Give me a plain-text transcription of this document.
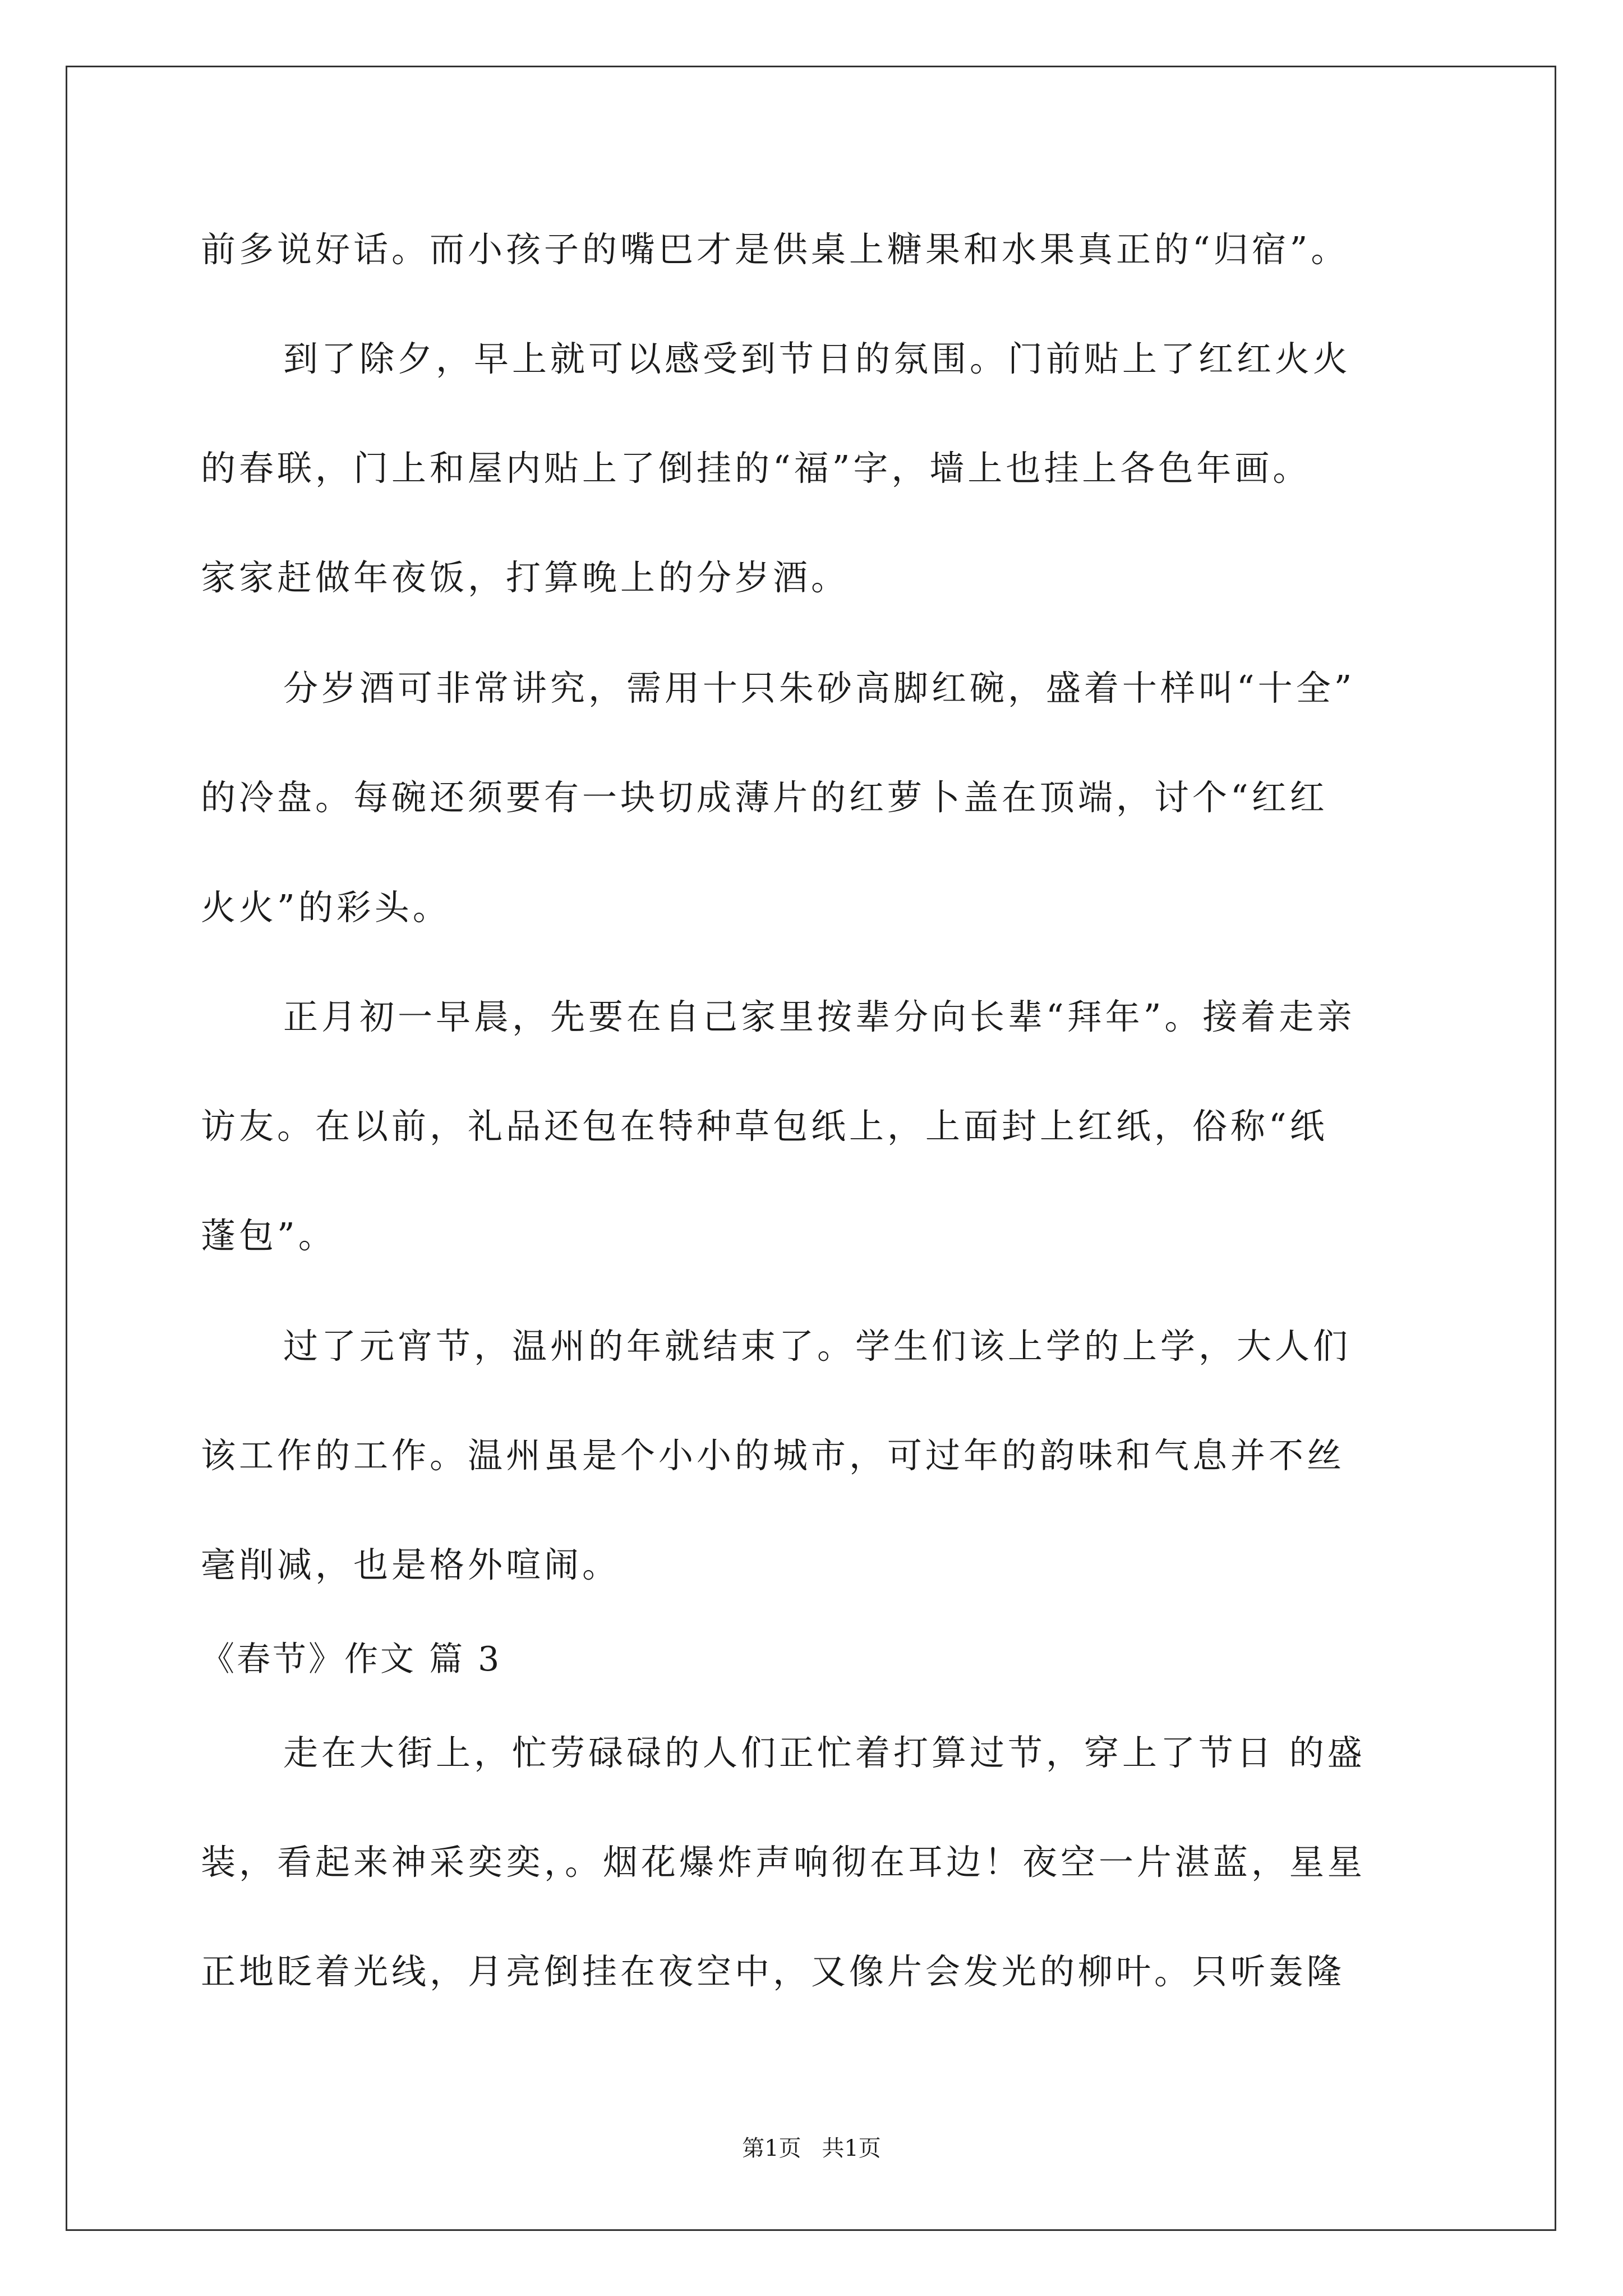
前多说好话。而小孩子的嘴巴才是供桌上糖果和水果真正的“归宿”。
到了除夕，早上就可以感受到节日的氛围。门前贴上了红红火火
的春联，门上和屋内贴上了倒挂的“福”字，墙上也挂上各色年画。
家家赶做年夜饭，打算晚上的分岁酒。
分岁酒可非常讲究，需用十只朱砂高脚红碗，盛着十样叫“十全”
的冷盘。每碗还须要有一块切成薄片的红萝卜盖在顶端，讨个“红红
火火”的彩头。
正月初一早晨，先要在自己家里按辈分向长辈“拜年”。接着走亲
访友。在以前，礼品还包在特种草包纸上，上面封上红纸，俗称“纸
蓬包”。
过了元宵节，温州的年就结束了。学生们该上学的上学，大人们
该工作的工作。温州虽是个小小的城市，可过年的韵味和气息并不丝
毫削减，也是格外喧闹。
《春节》作文 篇 3
走在大街上，忙劳碌碌的人们正忙着打算过节，穿上了节日 的盛
装，看起来神采奕奕，。烟花爆炸声响彻在耳边！夜空一片湛蓝，星星
正地眨着光线，月亮倒挂在夜空中，又像片会发光的柳叶。只听轰隆
第1页 共1页
